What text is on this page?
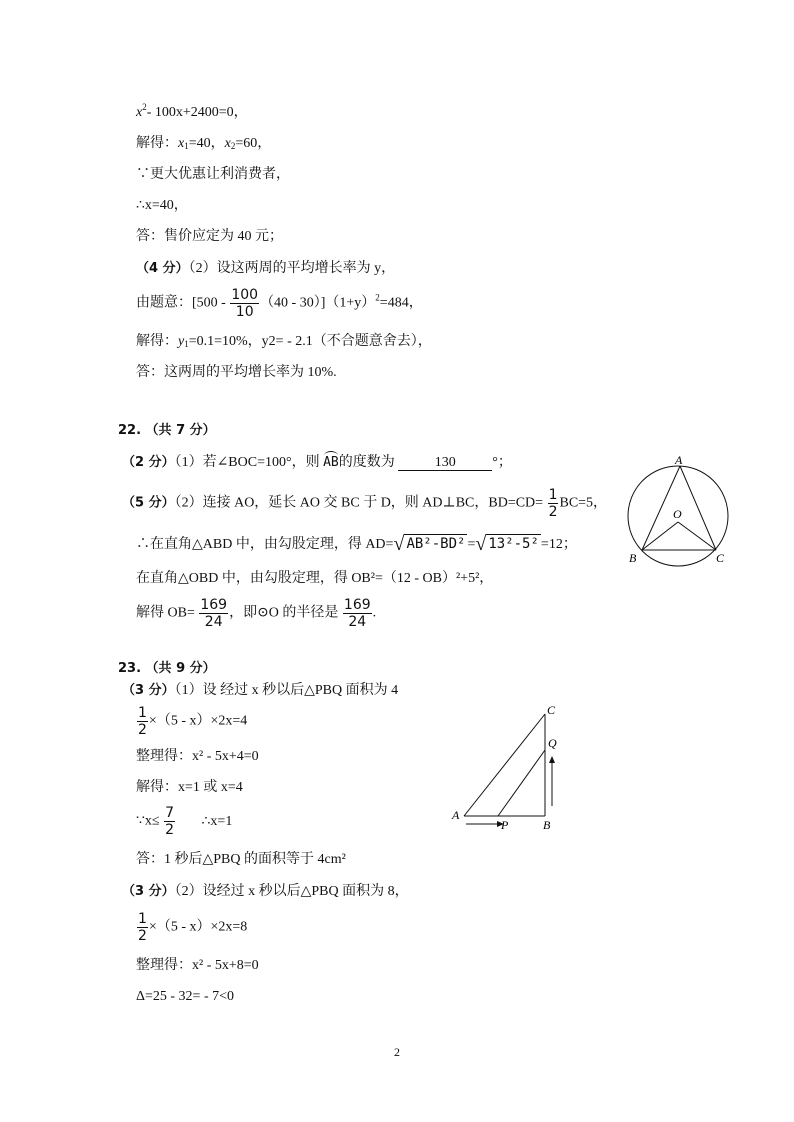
$x^2-$ 100x+2400=0，
解得：$x_1=40$，$x_2=60$，
∵更大优惠让利消费者，
∴x=40，
答：售价应定为 40 元；
（4 分）（2）设这两周的平均增长率为 y，
由题意：$[500 - \frac{100}{10} (40 - 30)](1+y)^2=484$，
解得：$y_1=0.1=10\%$，y2= - 2.1（不合题意舍去），
答：这两周的平均增长率为 10%.
22. （共 7 分）
（2 分）（1）若∠BOC=100°，则 AB的度数为	130	°；
（5 分）（2）连接 AO，延长 AO 交 BC 于 D，则 AD⊥BC，$BD=CD= \frac{1}{2} BC=5$，
∴在直角△ABD 中，由勾股定理，得 AD=√ AB²-BD² =√ 13²-5² =12；
在直角△OBD 中，由勾股定理，得 OB²=（12 - OB）²+5²，
解得 $OB= \frac{169}{24}$ ，即⊙O 的半径是 $\frac{169}{24}$ .
A
O
B	C
23. （共 9 分）
（3 分）（1）设 经过 x 秒以后△PBQ 面积为 4
$\frac{1}{2} \times(5 - x)\times 2x=4$
整理得：x² - 5x+4=0
解得：x=1 或 x=4
∵x≤ $\frac{7}{2}$ ∴x=1
答：1 秒后△PBQ 的面积等于 4cm²
（3 分）（2）设经过 x 秒以后△PBQ 面积为 8，
$\frac{1}{2} \times(5 - x)\times 2x=8$
整理得：x² - 5x+8=0
Δ=25 - 32= - 7<0
A
P	B
C
Q
2
